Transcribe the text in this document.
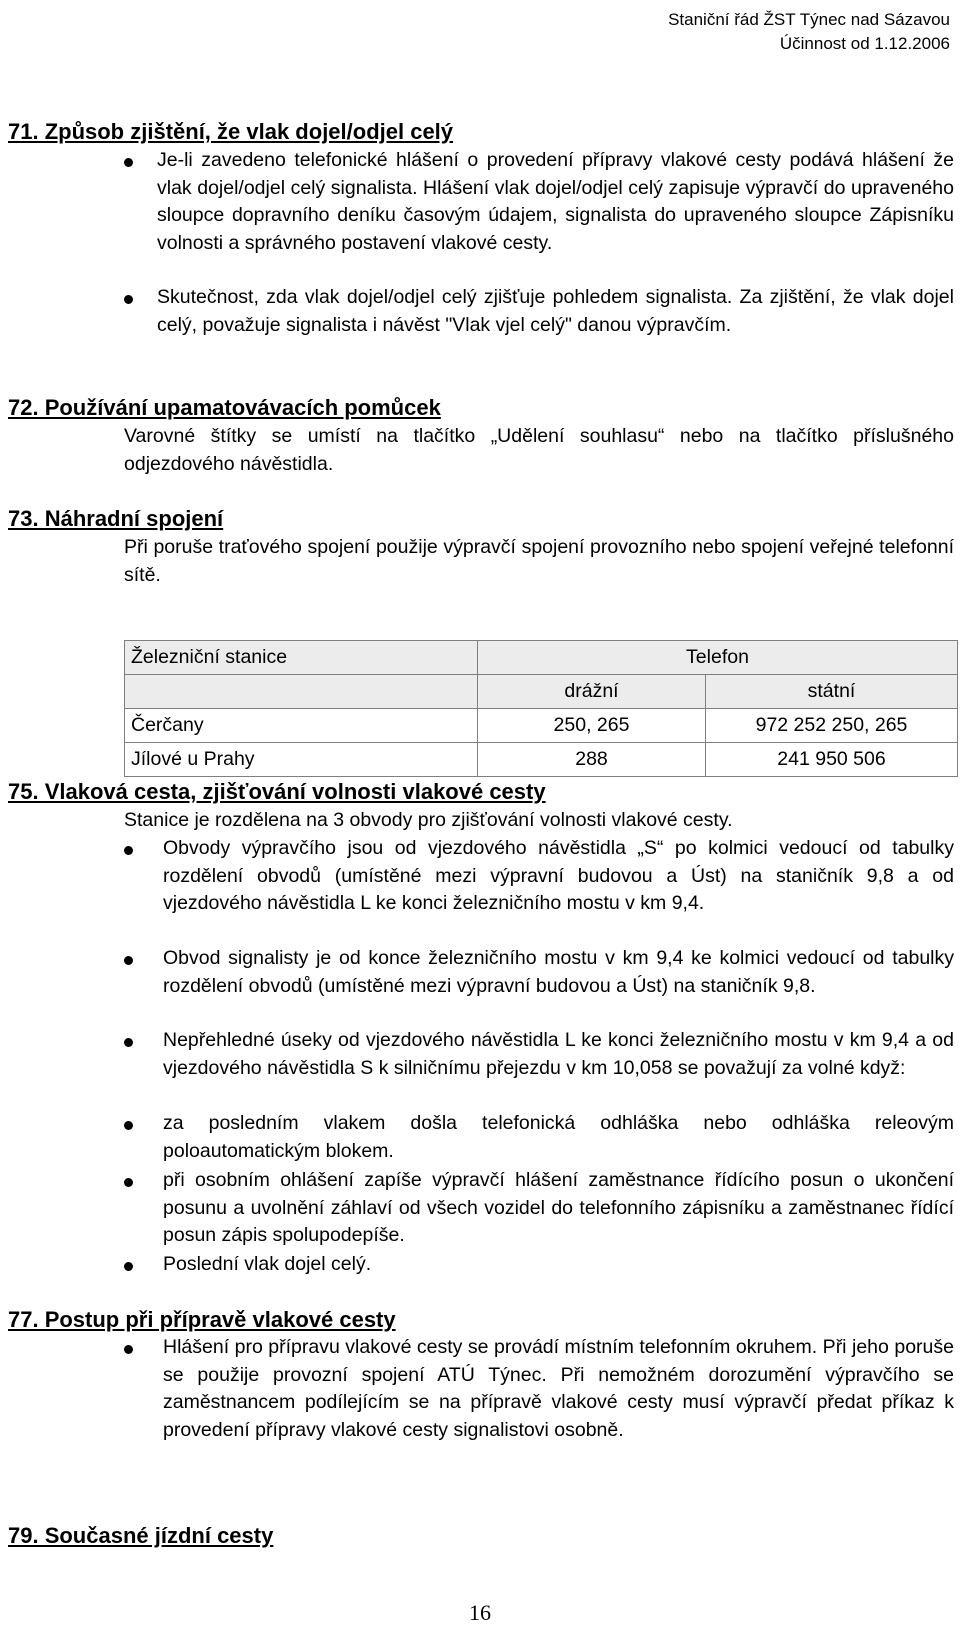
Staniční řád ŽST Týnec nad Sázavou
Účinnost od 1.12.2006
71. Způsob zjištění, že vlak dojel/odjel celý
Je-li zavedeno telefonické hlášení o provedení přípravy vlakové cesty podává hlášení že vlak dojel/odjel celý signalista. Hlášení vlak dojel/odjel celý zapisuje výpravčí do upraveného sloupce dopravního deníku časovým údajem, signalista do upraveného sloupce Zápisníku volnosti a správného postavení vlakové cesty.
Skutečnost, zda vlak dojel/odjel celý zjišťuje pohledem signalista. Za zjištění, že vlak dojel celý, považuje signalista i návěst "Vlak vjel celý" danou výpravčím.
72. Používání upamatovávacích pomůcek
Varovné štítky se umístí na tlačítko „Udělení souhlasu“ nebo na tlačítko příslušného odjezdového návěstidla.
73. Náhradní spojení
Při poruše traťového spojení použije výpravčí spojení provozního nebo spojení veřejné telefonní sítě.
Železniční stanice	Telefon	
	drážní	státní
Čerčany	250, 265	972 252 250, 265
Jílové u Prahy	288	241 950 506
75. Vlaková cesta, zjišťování volnosti vlakové cesty
Stanice je rozdělena na 3 obvody pro zjišťování volnosti vlakové cesty.
Obvody výpravčího jsou od vjezdového návěstidla „S“ po kolmici vedoucí od tabulky rozdělení obvodů (umístěné mezi výpravní budovou a Úst) na staničník 9,8 a od vjezdového návěstidla L ke konci železničního mostu v km 9,4.
Obvod signalisty je od konce železničního mostu v km 9,4 ke kolmici vedoucí od tabulky rozdělení obvodů (umístěné mezi výpravní budovou a Úst) na staničník 9,8.
Nepřehledné úseky od vjezdového návěstidla L ke konci železničního mostu v km 9,4 a od vjezdového návěstidla S k silničnímu přejezdu v km 10,058 se považují za volné když:
za posledním vlakem došla telefonická odhláška nebo odhláška releovým poloautomatickým blokem.
při osobním ohlášení zapíše výpravčí hlášení zaměstnance řídícího posun o ukončení posunu a uvolnění záhlaví od všech vozidel do telefonního zápisníku a zaměstnanec řídící posun zápis spolupodepíše.
Poslední vlak dojel celý.
77. Postup při přípravě vlakové cesty
Hlášení pro přípravu vlakové cesty se provádí místním telefonním okruhem. Při jeho poruše se použije provozní spojení ATÚ Týnec. Při nemožném dorozumění výpravčího se zaměstnancem podílejícím se na přípravě vlakové cesty musí výpravčí předat příkaz k provedení přípravy vlakové cesty signalistovi osobně.
79. Současné jízdní cesty
16
